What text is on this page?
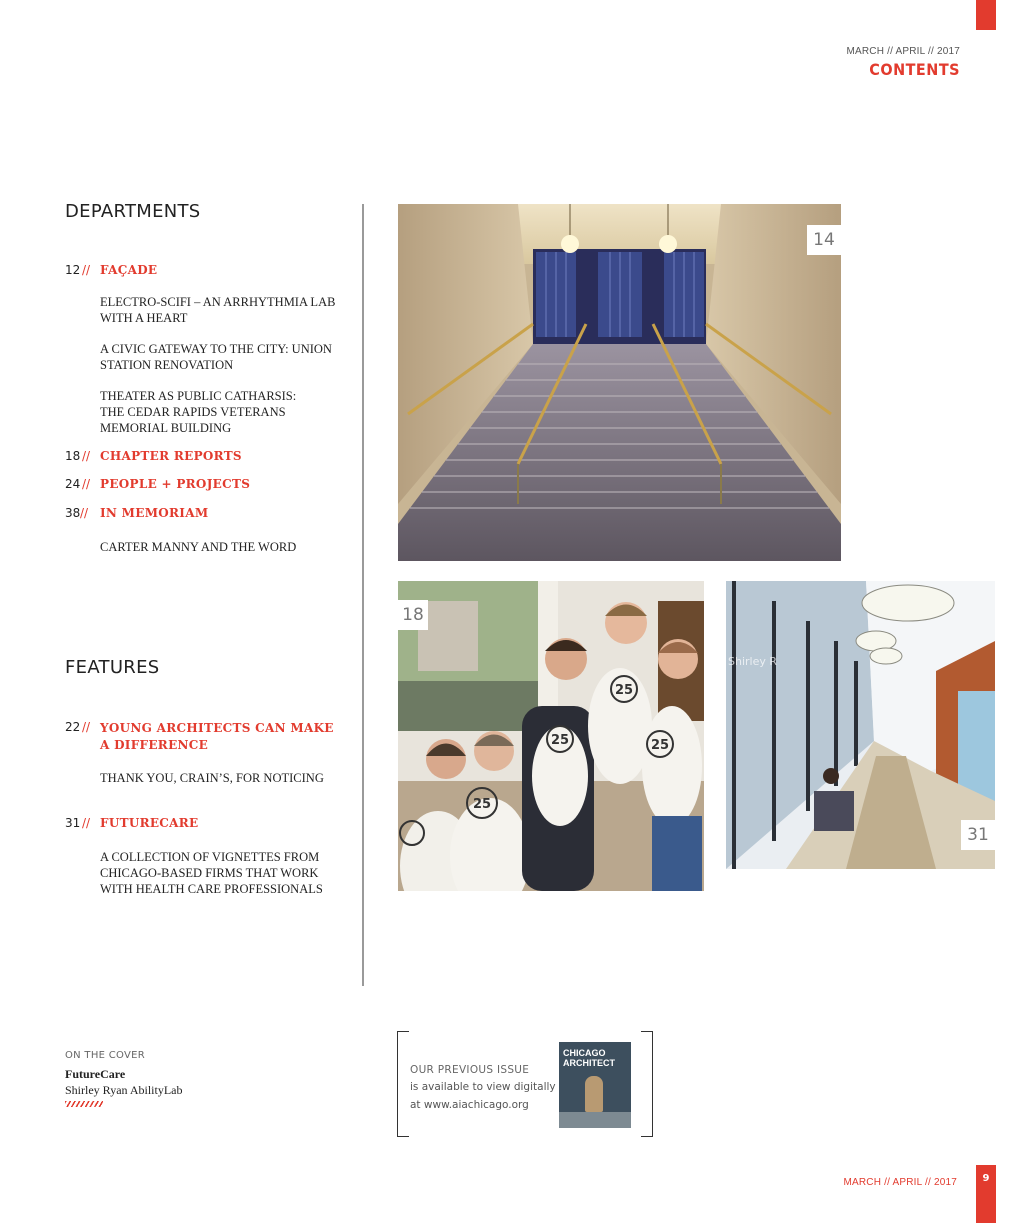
MARCH // APRIL // 2017
CONTENTS
DEPARTMENTS
12 // FAÇADE
ELECTRO-SCIFI – AN ARRHYTHMIA LAB
WITH A HEART
A CIVIC GATEWAY TO THE CITY: UNION
STATION RENOVATION
THEATER AS PUBLIC CATHARSIS:
THE CEDAR RAPIDS VETERANS
MEMORIAL BUILDING
18 // CHAPTER REPORTS
24 // PEOPLE + PROJECTS
38 // IN MEMORIAM
CARTER MANNY AND THE WORD
FEATURES
22 // YOUNG ARCHITECTS CAN MAKE
A DIFFERENCE
THANK YOU, CRAIN’S, FOR NOTICING
31 // FUTURECARE
A COLLECTION OF VIGNETTES FROM
CHICAGO-BASED FIRMS THAT WORK
WITH HEALTH CARE PROFESSIONALS
14
25
25
25
25
18
Shirley R
31
ON THE COVER
FutureCare
Shirley Ryan AbilityLab
OUR PREVIOUS ISSUE
is available to view digitally
at www.aiachicago.org
CHICAGO ARCHITECT
MARCH // APRIL // 2017	9
